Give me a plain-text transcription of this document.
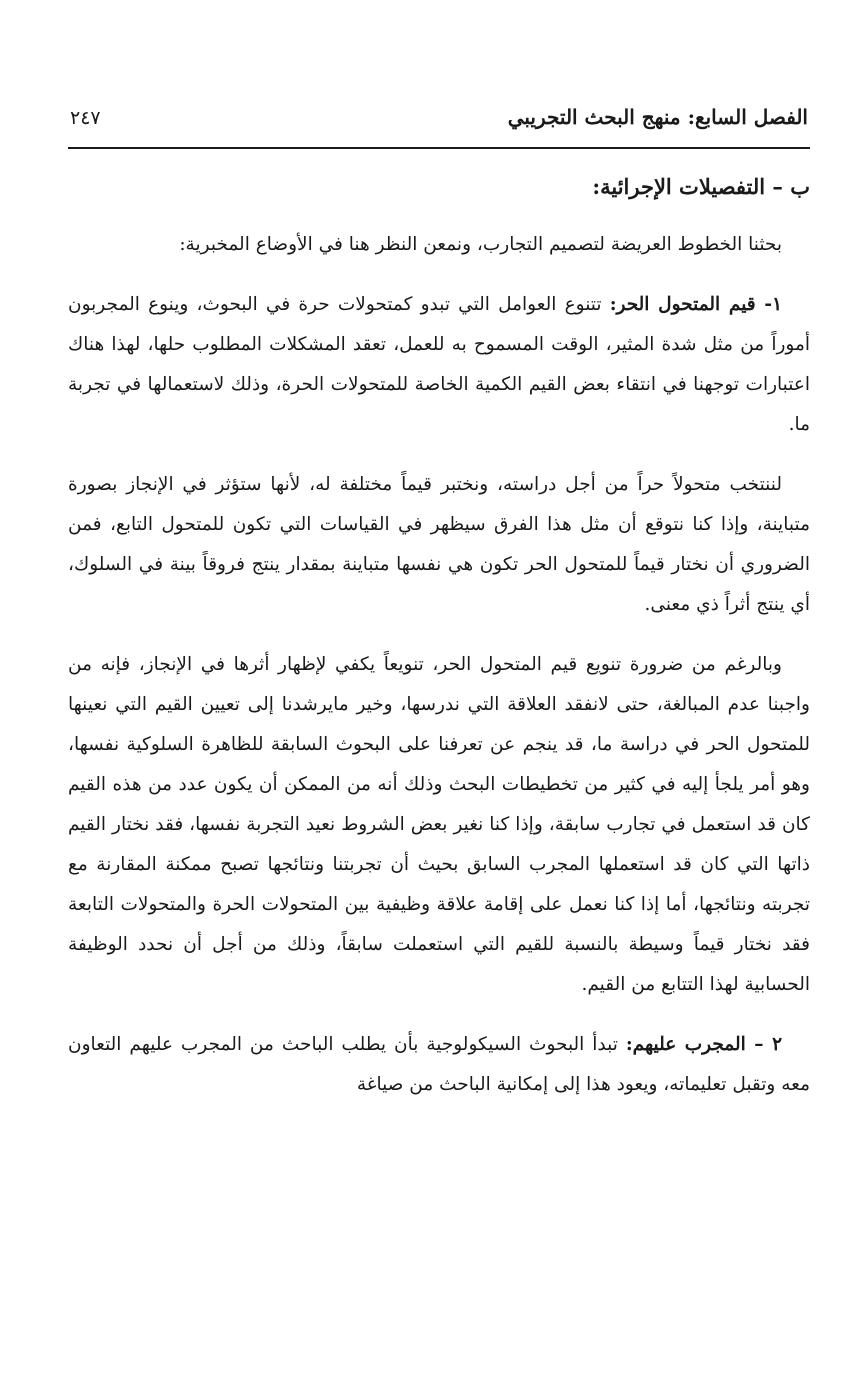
الفصل السابع: منهج البحث التجريبي
٢٤٧
ب – التفصيلات الإجرائية:

بحثنا الخطوط العريضة لتصميم التجارب، ونمعن النظر هنا في الأوضاع المخبرية:

١- قيم المتحول الحر: تتنوع العوامل التي تبدو كمتحولات حرة في البحوث، وينوع المجربون أموراً من مثل شدة المثير، الوقت المسموح به للعمل، تعقد المشكلات المطلوب حلها، لهذا هناك اعتبارات توجهنا في انتقاء بعض القيم الكمية الخاصة للمتحولات الحرة، وذلك لاستعمالها في تجربة ما.

لننتخب متحولاً حراً من أجل دراسته، ونختبر قيماً مختلفة له، لأنها ستؤثر في الإنجاز بصورة متباينة، وإذا كنا نتوقع أن مثل هذا الفرق سيظهر في القياسات التي تكون للمتحول التابع، فمن الضروري أن نختار قيماً للمتحول الحر تكون هي نفسها متباينة بمقدار ينتج فروقاً بينة في السلوك، أي ينتج أثراً ذي معنى.

وبالرغم من ضرورة تنويع قيم المتحول الحر، تنويعاً يكفي لإظهار أثرها في الإنجاز، فإنه من واجبنا عدم المبالغة، حتى لانفقد العلاقة التي ندرسها، وخير مايرشدنا إلى تعيين القيم التي نعينها للمتحول الحر في دراسة ما، قد ينجم عن تعرفنا على البحوث السابقة للظاهرة السلوكية نفسها، وهو أمر يلجأ إليه في كثير من تخطيطات البحث وذلك أنه من الممكن أن يكون عدد من هذه القيم كان قد استعمل في تجارب سابقة، وإذا كنا نغير بعض الشروط نعيد التجربة نفسها، فقد نختار القيم ذاتها التي كان قد استعملها المجرب السابق بحيث أن تجربتنا ونتائجها تصبح ممكنة المقارنة مع تجربته ونتائجها، أما إذا كنا نعمل على إقامة علاقة وظيفية بين المتحولات الحرة والمتحولات التابعة فقد نختار قيماً وسيطة بالنسبة للقيم التي استعملت سابقاً، وذلك من أجل أن نحدد الوظيفة الحسابية لهذا التتابع من القيم.

٢ – المجرب عليهم: تبدأ البحوث السيكولوجية بأن يطلب الباحث من المجرب عليهم التعاون معه وتقبل تعليماته، ويعود هذا إلى إمكانية الباحث من صياغة
